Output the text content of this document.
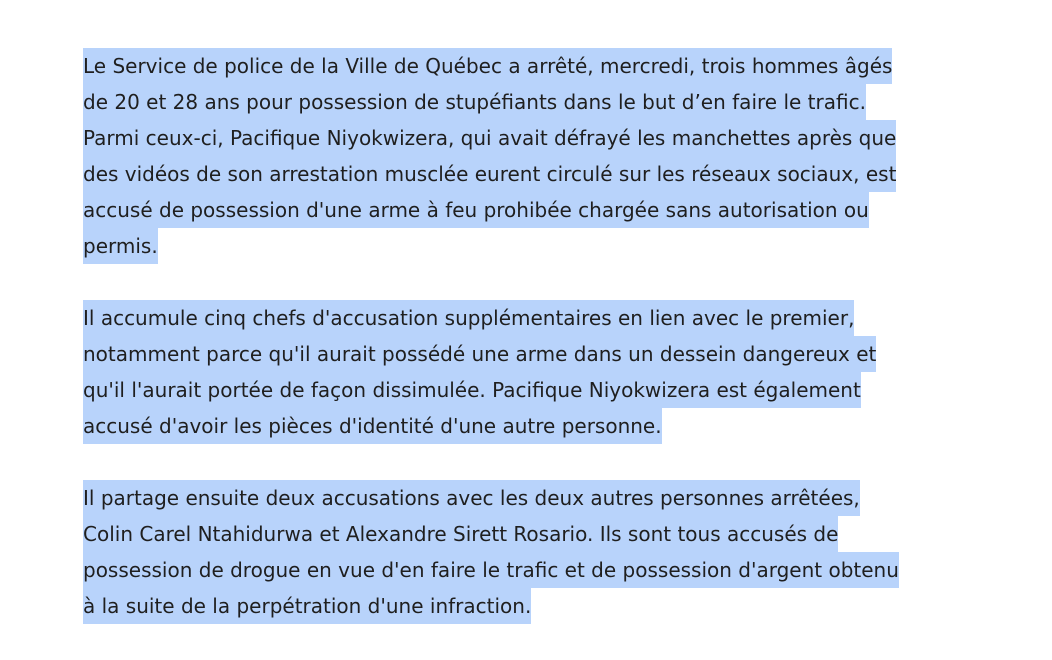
Le Service de police de la Ville de Québec a arrêté, mercredi, trois hommes âgés
de 20 et 28 ans pour possession de stupéfiants dans le but d’en faire le trafic.
Parmi ceux-ci, Pacifique Niyokwizera, qui avait défrayé les manchettes après que
des vidéos de son arrestation musclée eurent circulé sur les réseaux sociaux, est
accusé de possession d'une arme à feu prohibée chargée sans autorisation ou
permis.

Il accumule cinq chefs d'accusation supplémentaires en lien avec le premier,
notamment parce qu'il aurait possédé une arme dans un dessein dangereux et
qu'il l'aurait portée de façon dissimulée. Pacifique Niyokwizera est également
accusé d'avoir les pièces d'identité d'une autre personne.

Il partage ensuite deux accusations avec les deux autres personnes arrêtées,
Colin Carel Ntahidurwa et Alexandre Sirett Rosario. Ils sont tous accusés de
possession de drogue en vue d'en faire le trafic et de possession d'argent obtenu
à la suite de la perpétration d'une infraction.
